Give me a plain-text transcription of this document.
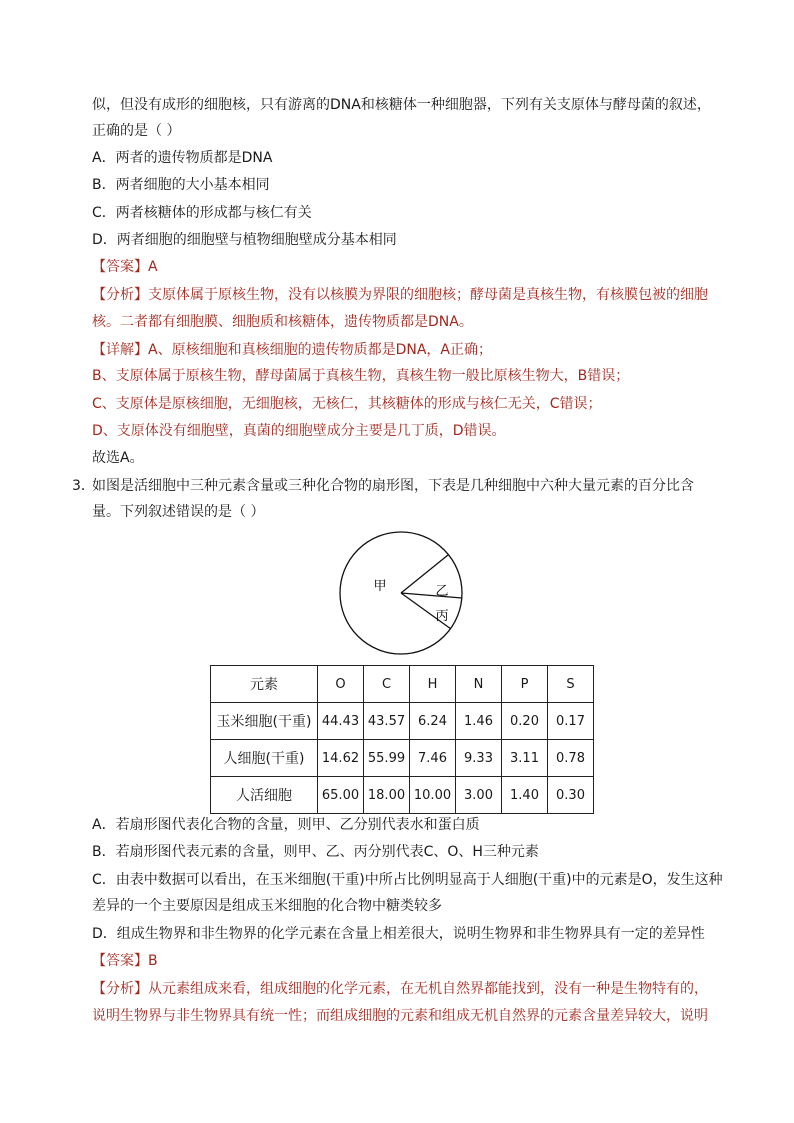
似，但没有成形的细胞核，只有游离的DNA和核糖体一种细胞器，下列有关支原体与酵母菌的叙述，
正确的是（ ）
A．两者的遗传物质都是DNA
B．两者细胞的大小基本相同
C．两者核糖体的形成都与核仁有关
D．两者细胞的细胞壁与植物细胞壁成分基本相同
【答案】A
【分析】支原体属于原核生物，没有以核膜为界限的细胞核；酵母菌是真核生物，有核膜包被的细胞
核。二者都有细胞膜、细胞质和核糖体，遗传物质都是DNA。
【详解】A、原核细胞和真核细胞的遗传物质都是DNA，A正确；
B、支原体属于原核生物，酵母菌属于真核生物，真核生物一般比原核生物大，B错误；
C、支原体是原核细胞，无细胞核，无核仁，其核糖体的形成与核仁无关，C错误；
D、支原体没有细胞壁，真菌的细胞壁成分主要是几丁质，D错误。
故选A。
3．
如图是活细胞中三种元素含量或三种化合物的扇形图，下表是几种细胞中六种大量元素的百分比含
量。下列叙述错误的是（ ）
甲	乙
丙
元素	O	C	H	N	P	S
玉米细胞(干重)	44.43	43.57	6.24	1.46	0.20	0.17
人细胞(干重)	14.62	55.99	7.46	9.33	3.11	0.78
人活细胞	65.00	18.00	10.00	3.00	1.40	0.30
A．若扇形图代表化合物的含量，则甲、乙分别代表水和蛋白质
B．若扇形图代表元素的含量，则甲、乙、丙分别代表C、O、H三种元素
C．由表中数据可以看出，在玉米细胞(干重)中所占比例明显高于人细胞(干重)中的元素是O，发生这种
差异的一个主要原因是组成玉米细胞的化合物中糖类较多
D．组成生物界和非生物界的化学元素在含量上相差很大，说明生物界和非生物界具有一定的差异性
【答案】B
【分析】从元素组成来看，组成细胞的化学元素，在无机自然界都能找到，没有一种是生物特有的，
说明生物界与非生物界具有统一性；而组成细胞的元素和组成无机自然界的元素含量差异较大，说明
